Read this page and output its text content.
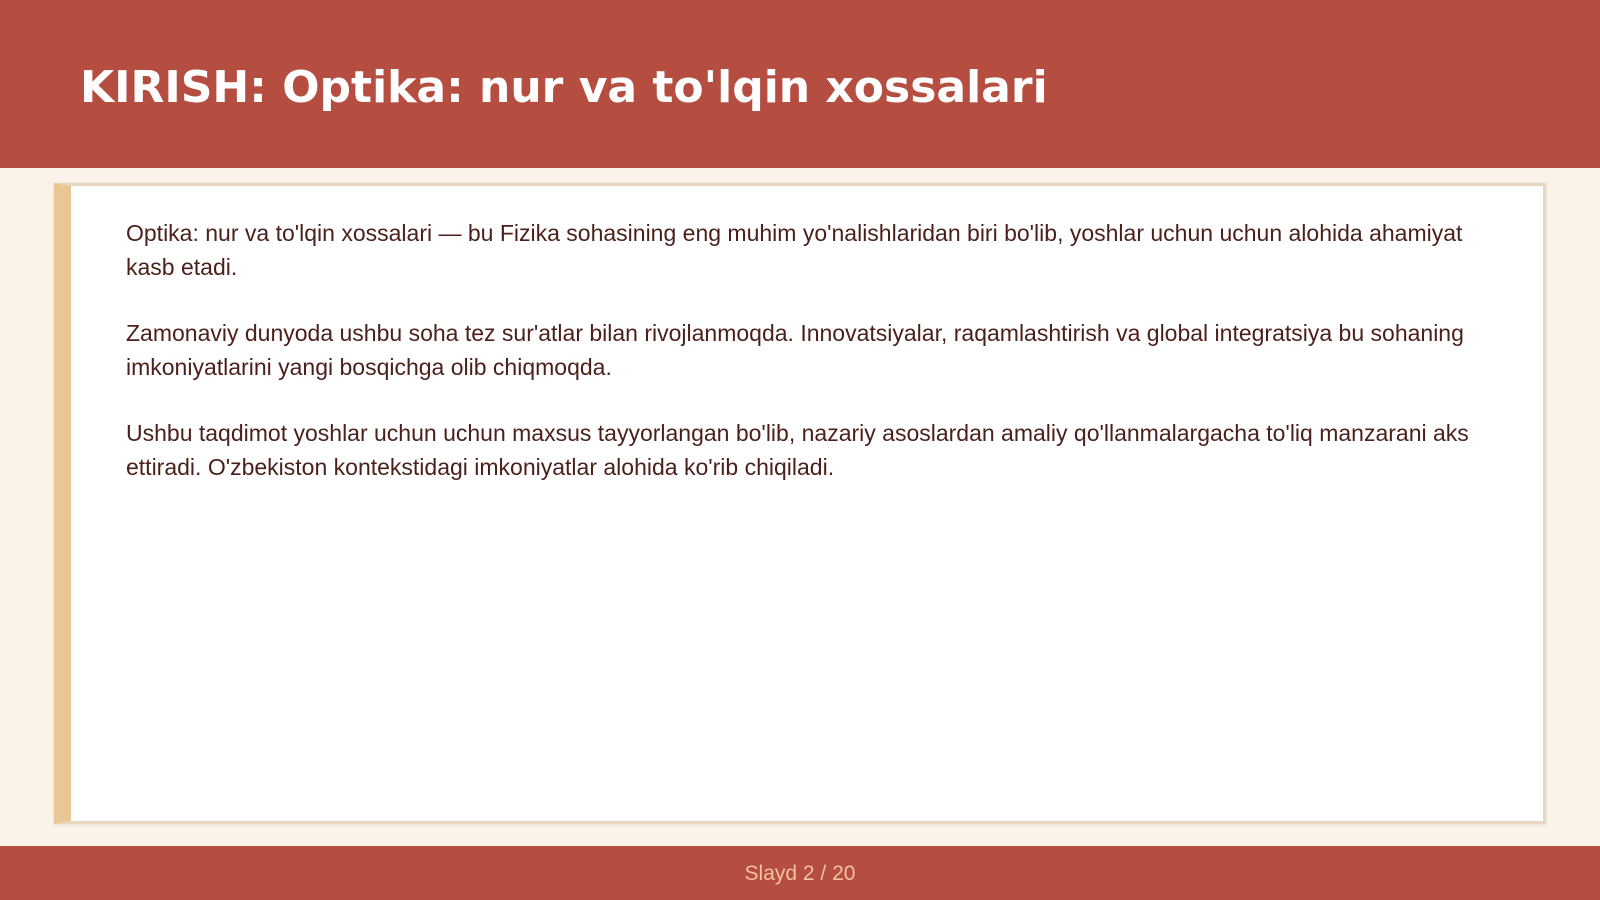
KIRISH: Optika: nur va to'lqin xossalari

Optika: nur va to'lqin xossalari — bu Fizika sohasining eng muhim yo'nalishlaridan biri bo'lib, yoshlar uchun uchun alohida ahamiyat kasb etadi.

Zamonaviy dunyoda ushbu soha tez sur'atlar bilan rivojlanmoqda. Innovatsiyalar, raqamlashtirish va global integratsiya bu sohaning imkoniyatlarini yangi bosqichga olib chiqmoqda.

Ushbu taqdimot yoshlar uchun uchun maxsus tayyorlangan bo'lib, nazariy asoslardan amaliy qo'llanmalargacha to'liq manzarani aks ettiradi. O'zbekiston kontekstidagi imkoniyatlar alohida ko'rib chiqiladi.

Slayd 2 / 20
